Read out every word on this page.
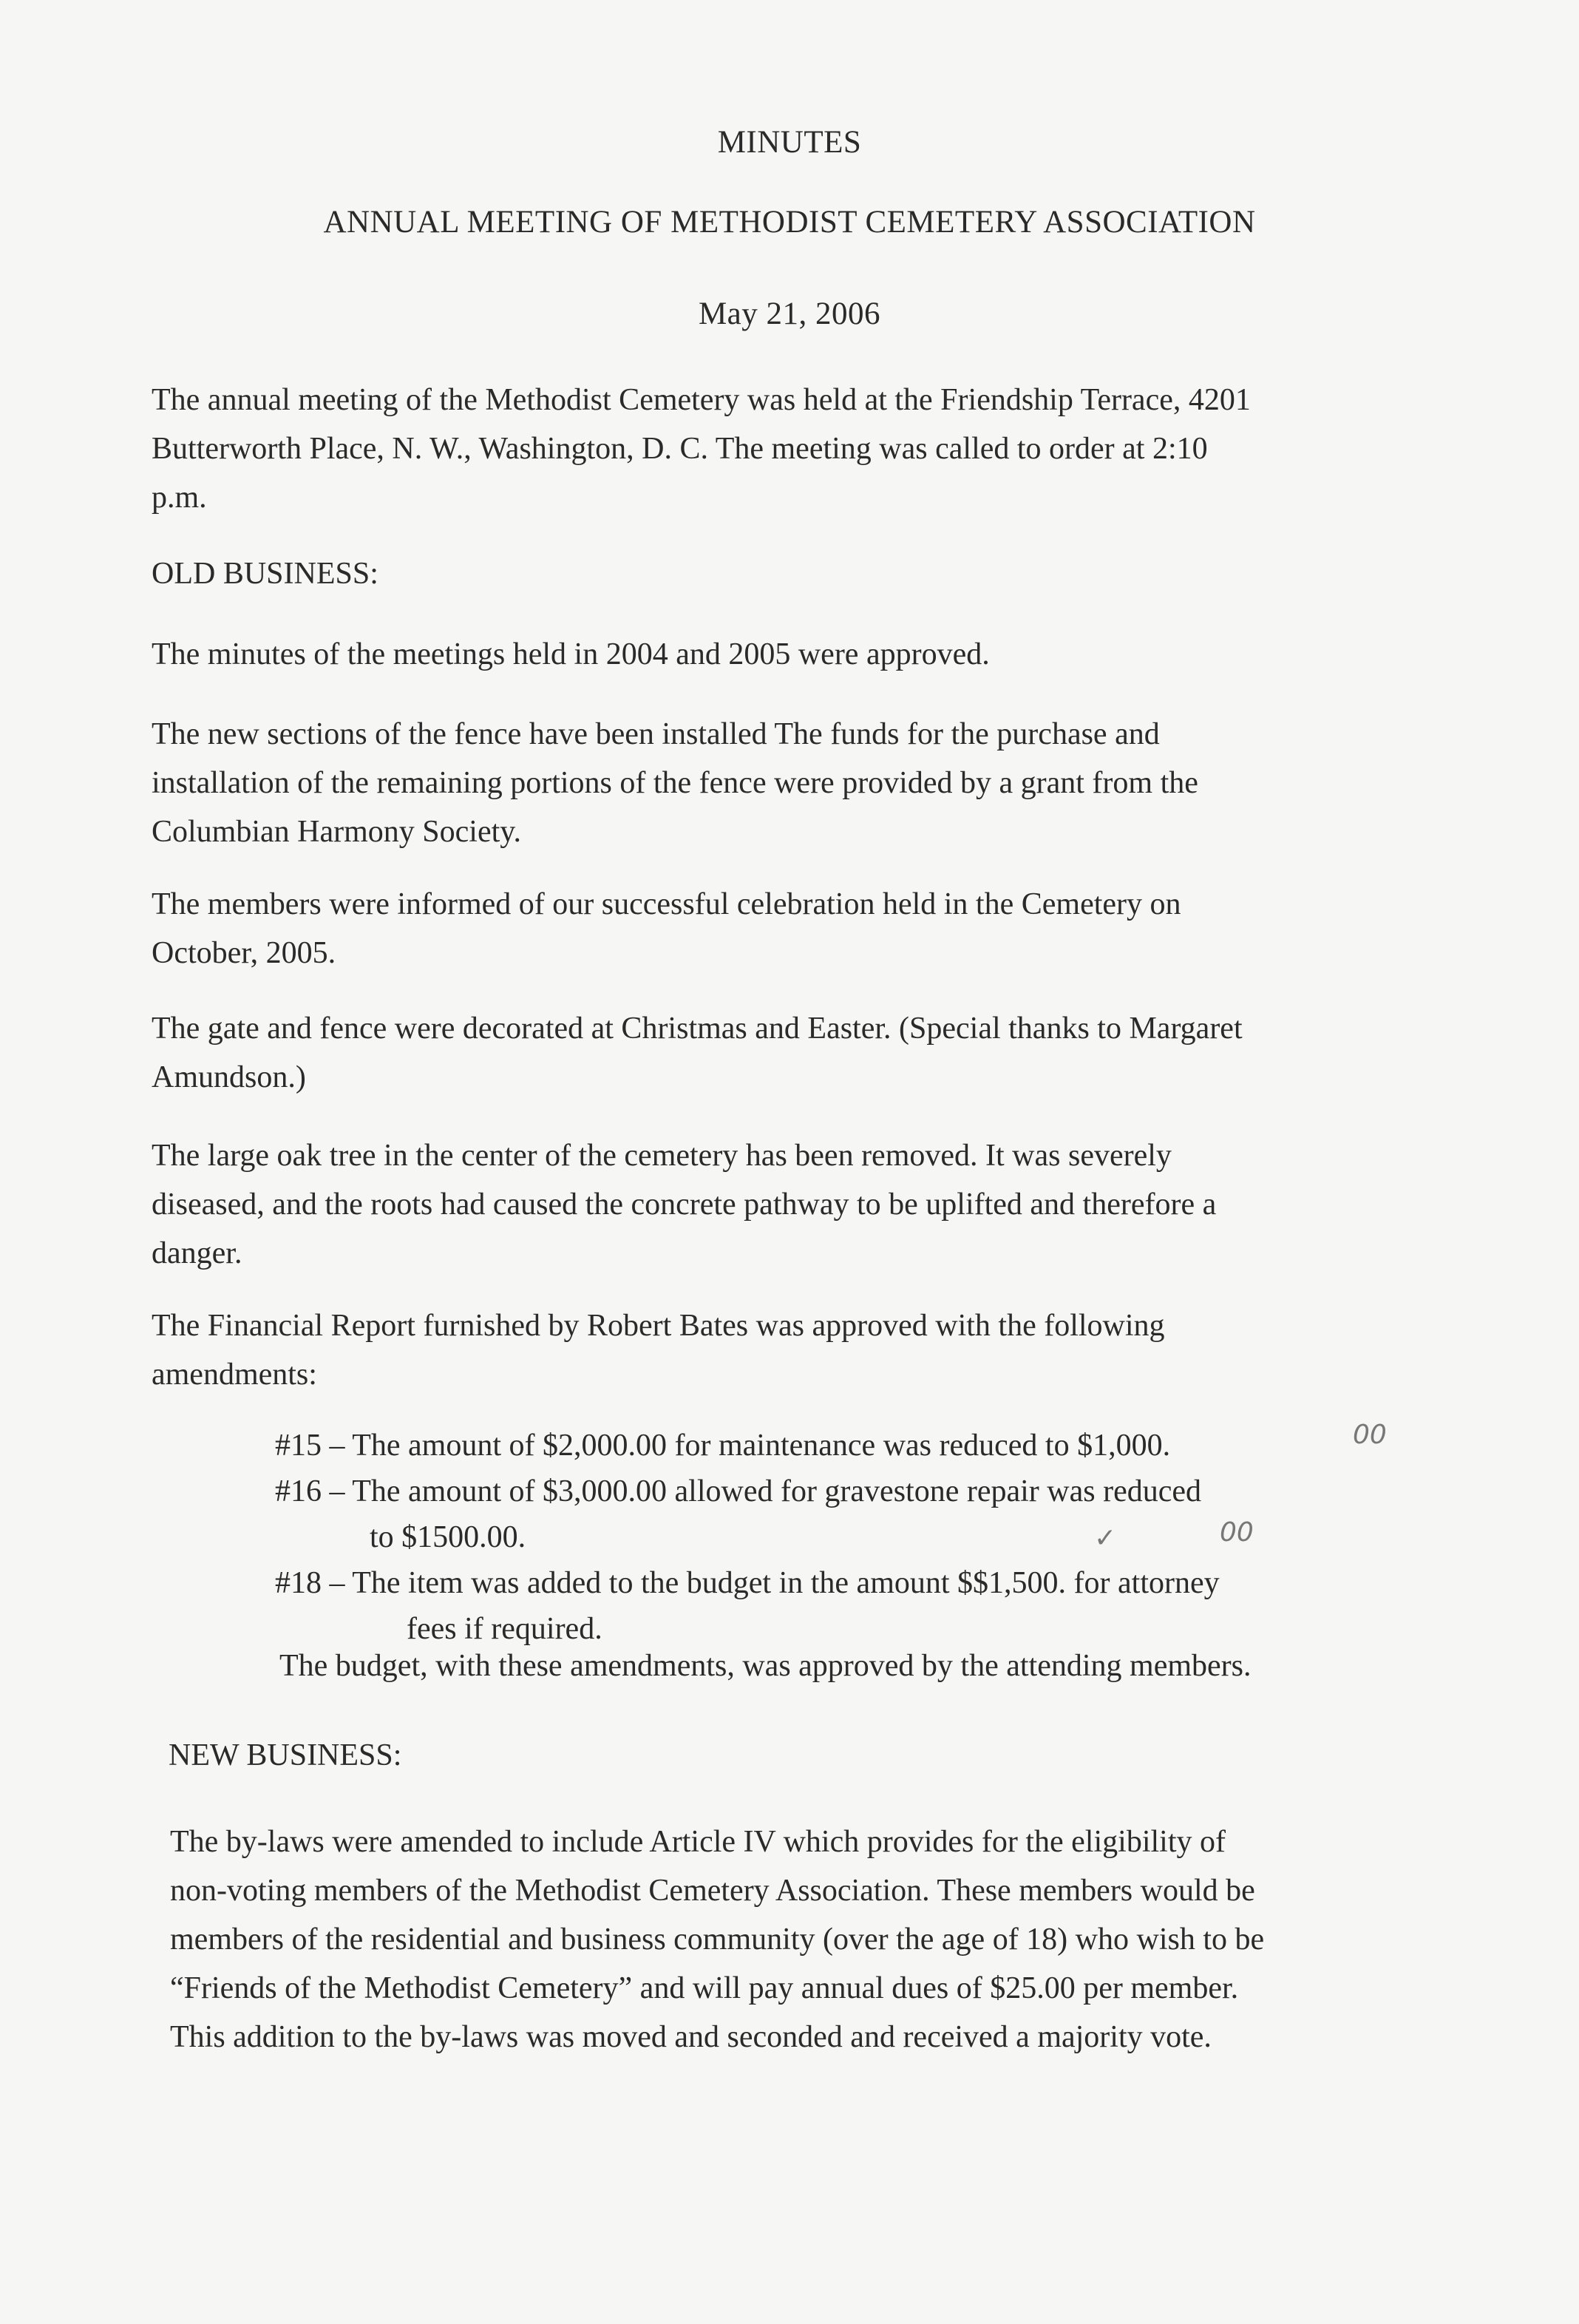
MINUTES
ANNUAL MEETING OF METHODIST CEMETERY ASSOCIATION
May 21, 2006
The annual meeting of the Methodist Cemetery was held at the Friendship Terrace, 4201
Butterworth Place, N. W., Washington, D. C. The meeting was called to order at 2:10
p.m.
OLD BUSINESS:
The minutes of the meetings held in 2004 and 2005 were approved.
The new sections of the fence have been installed The funds for the purchase and
installation of the remaining portions of the fence were provided by a grant from the
Columbian Harmony Society.
The members were informed of our successful celebration held in the Cemetery on
October, 2005.
The gate and fence were decorated at Christmas and Easter. (Special thanks to Margaret
Amundson.)
The large oak tree in the center of the cemetery has been removed. It was severely
diseased, and the roots had caused the concrete pathway to be uplifted and therefore a
danger.
The Financial Report furnished by Robert Bates was approved with the following
amendments:
#15 – The amount of $2,000.00 for maintenance was reduced to $1,000.
#16 – The amount of $3,000.00 allowed for gravestone repair was reduced
to $1500.00.
#18 – The item was added to the budget in the amount $$1,500. for attorney
fees if required.
00
✓	00
The budget, with these amendments, was approved by the attending members.
NEW BUSINESS:
The by-laws were amended to include Article IV which provides for the eligibility of
non-voting members of the Methodist Cemetery Association. These members would be
members of the residential and business community (over the age of 18) who wish to be
“Friends of the Methodist Cemetery” and will pay annual dues of $25.00 per member.
This addition to the by-laws was moved and seconded and received a majority vote.
